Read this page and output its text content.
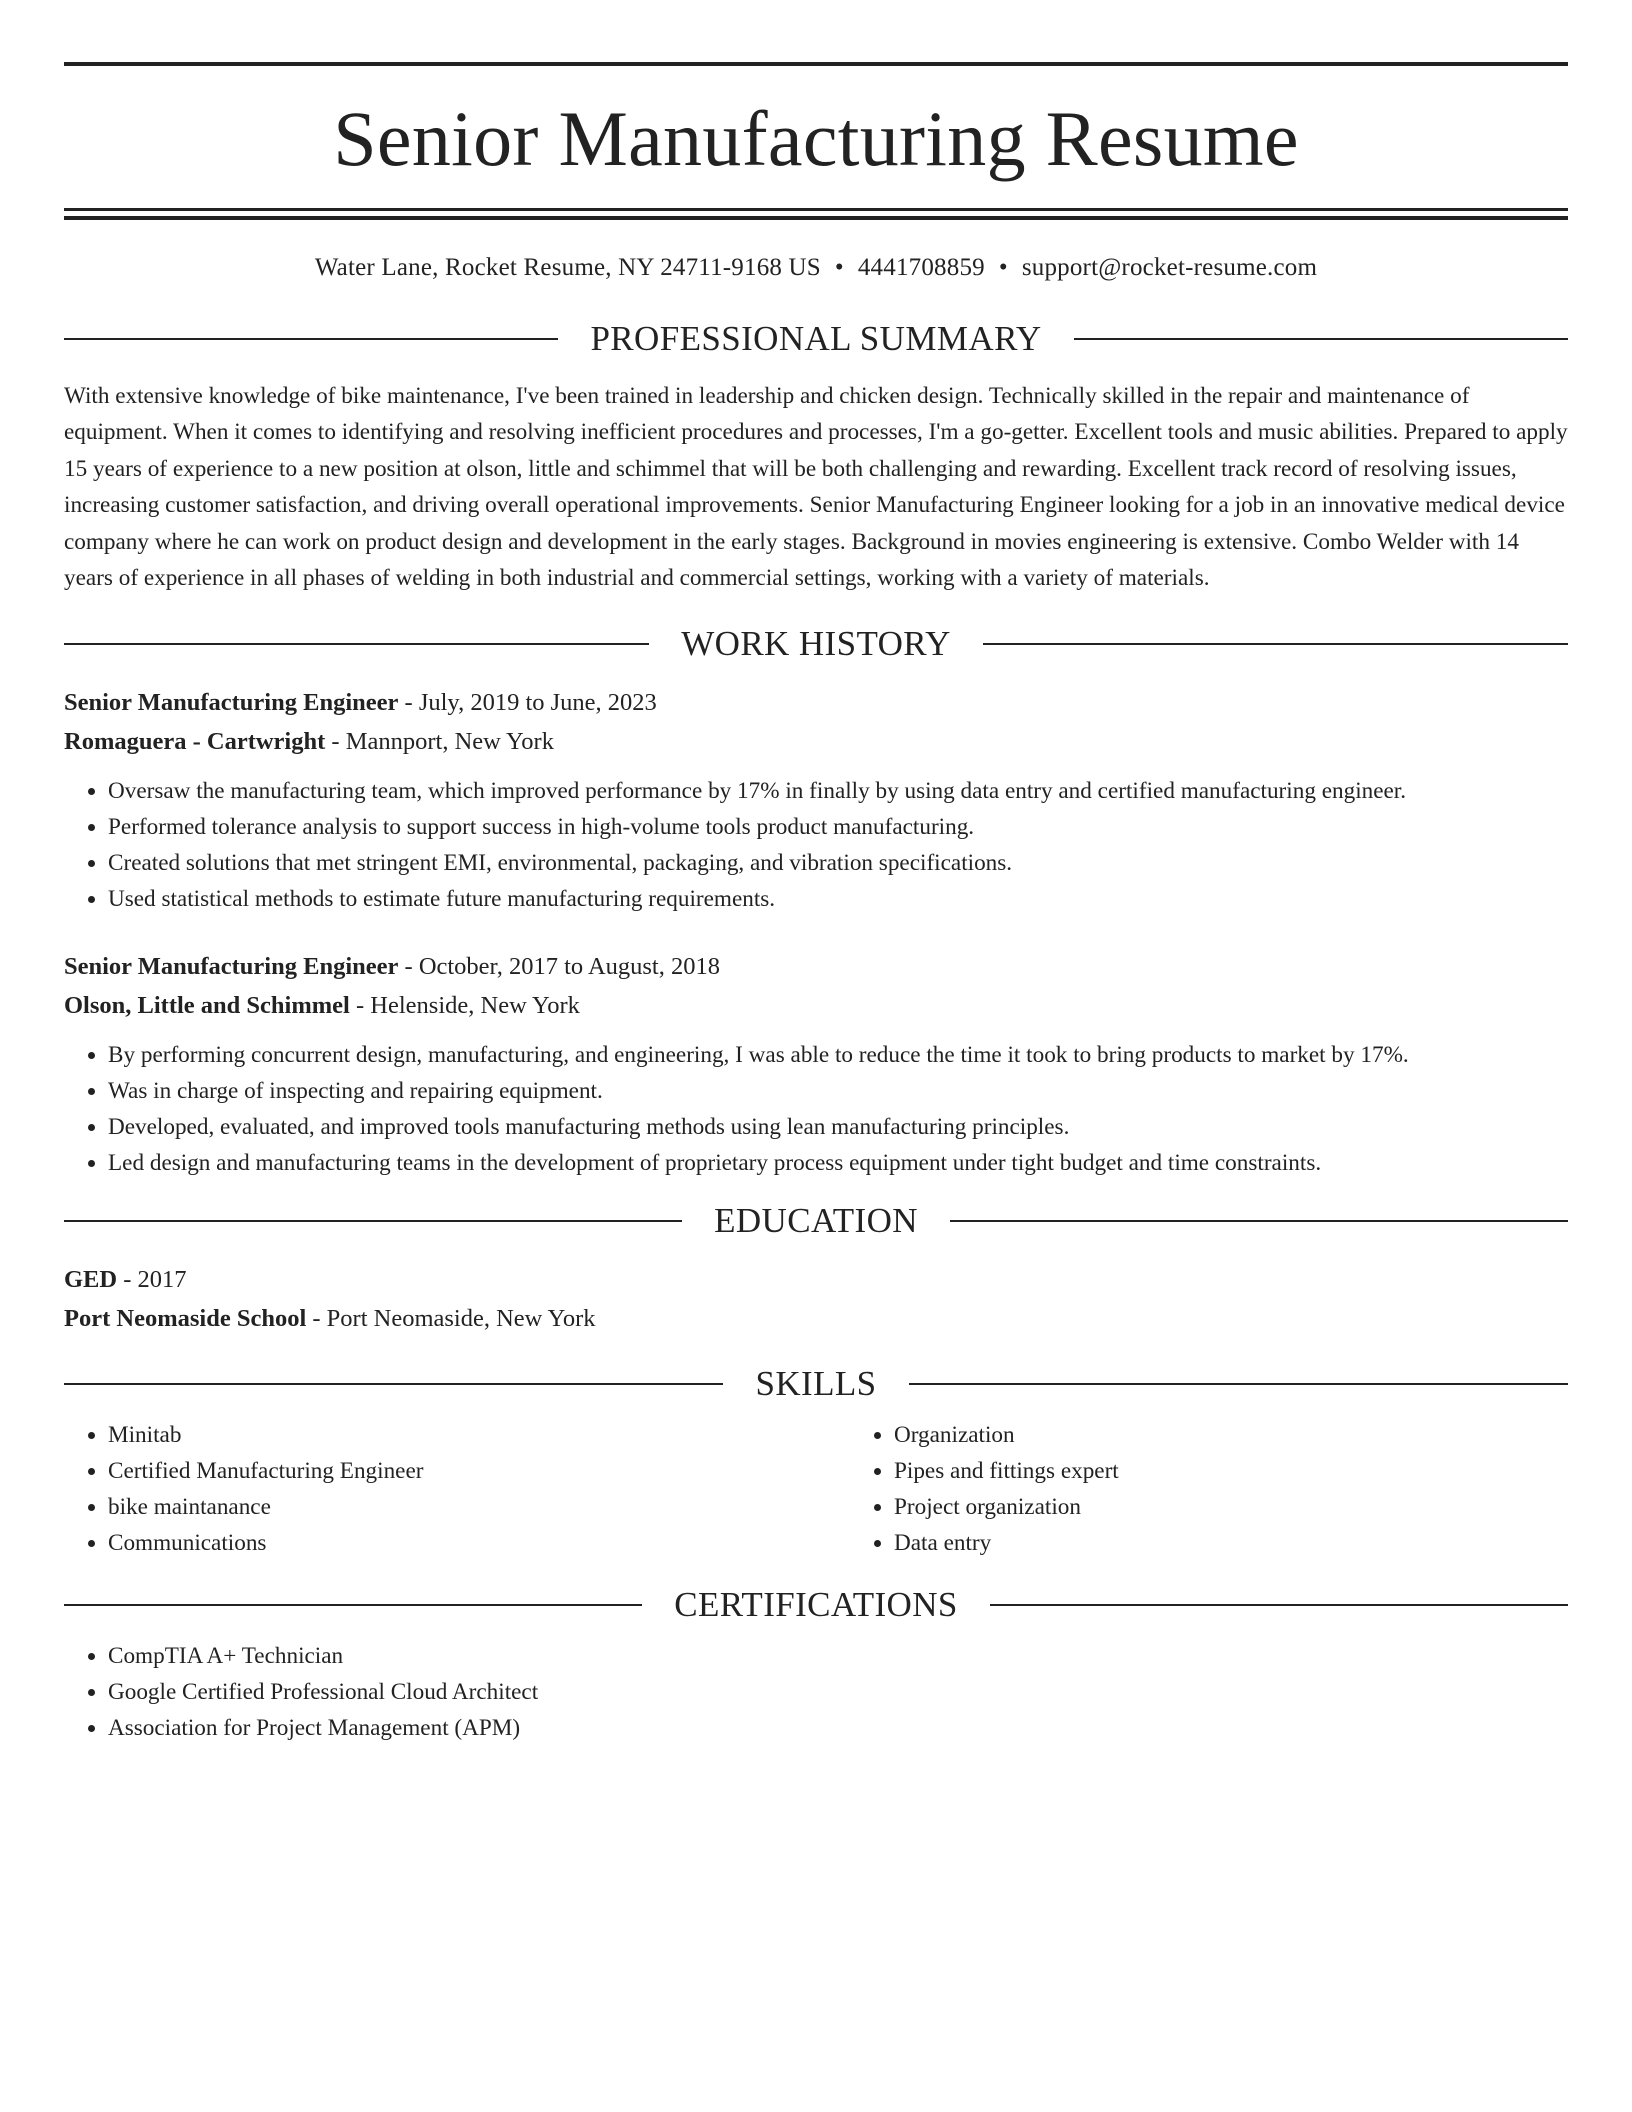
Senior Manufacturing Resume
Water Lane, Rocket Resume, NY 24711-9168 US • 4441708859 • support@rocket-resume.com
PROFESSIONAL SUMMARY
With extensive knowledge of bike maintenance, I've been trained in leadership and chicken design. Technically skilled in the repair and maintenance of equipment. When it comes to identifying and resolving inefficient procedures and processes, I'm a go-getter. Excellent tools and music abilities. Prepared to apply 15 years of experience to a new position at olson, little and schimmel that will be both challenging and rewarding. Excellent track record of resolving issues, increasing customer satisfaction, and driving overall operational improvements. Senior Manufacturing Engineer looking for a job in an innovative medical device company where he can work on product design and development in the early stages. Background in movies engineering is extensive. Combo Welder with 14 years of experience in all phases of welding in both industrial and commercial settings, working with a variety of materials.
WORK HISTORY
Senior Manufacturing Engineer - July, 2019 to June, 2023
Romaguera - Cartwright - Mannport, New York
• Oversaw the manufacturing team, which improved performance by 17% in finally by using data entry and certified manufacturing engineer.
• Performed tolerance analysis to support success in high-volume tools product manufacturing.
• Created solutions that met stringent EMI, environmental, packaging, and vibration specifications.
• Used statistical methods to estimate future manufacturing requirements.
Senior Manufacturing Engineer - October, 2017 to August, 2018
Olson, Little and Schimmel - Helenside, New York
• By performing concurrent design, manufacturing, and engineering, I was able to reduce the time it took to bring products to market by 17%.
• Was in charge of inspecting and repairing equipment.
• Developed, evaluated, and improved tools manufacturing methods using lean manufacturing principles.
• Led design and manufacturing teams in the development of proprietary process equipment under tight budget and time constraints.
EDUCATION
GED - 2017
Port Neomaside School - Port Neomaside, New York
SKILLS
• Minitab
• Certified Manufacturing Engineer
• bike maintanance
• Communications
• Organization
• Pipes and fittings expert
• Project organization
• Data entry
CERTIFICATIONS
• CompTIA A+ Technician
• Google Certified Professional Cloud Architect
• Association for Project Management (APM)
